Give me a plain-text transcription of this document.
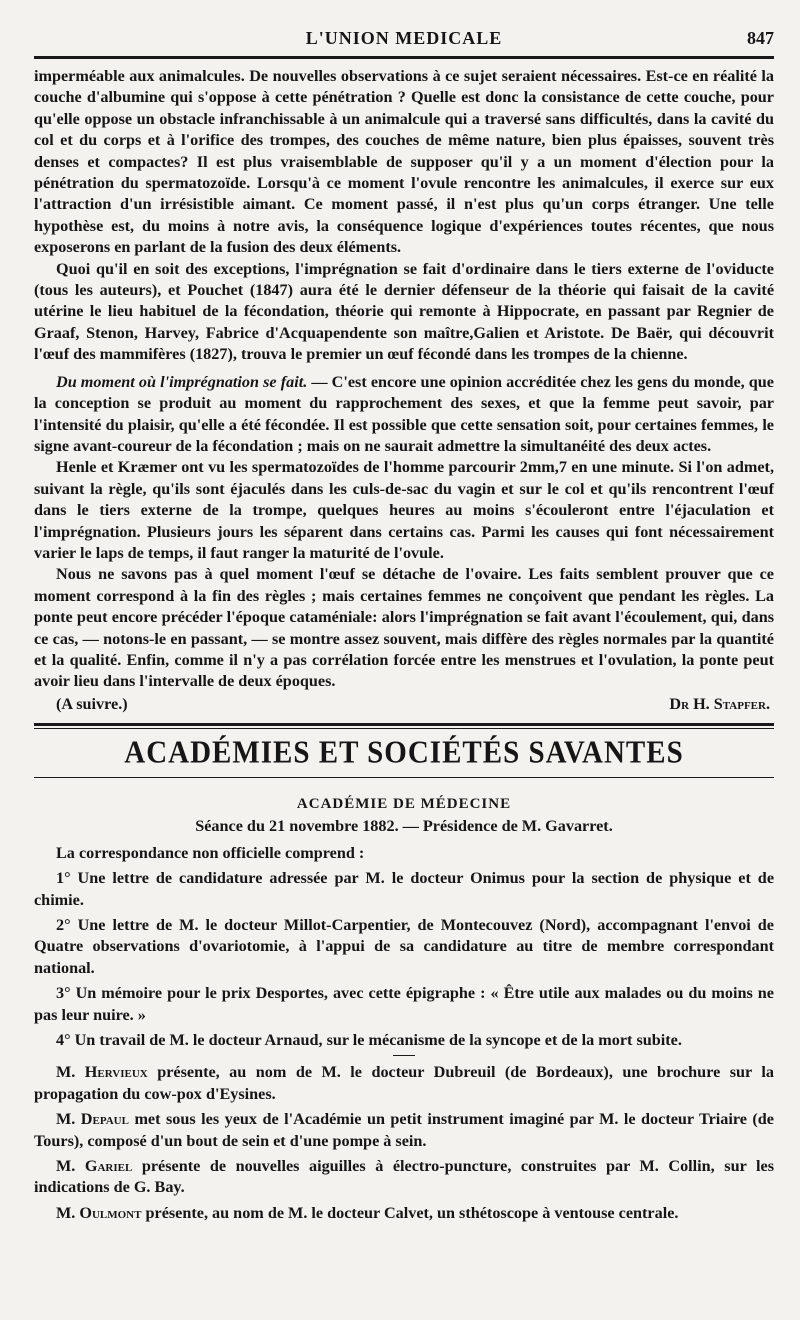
L'UNION MEDICALE	847

imperméable aux animalcules. De nouvelles observations à ce sujet seraient nécessaires. Est-ce en réalité la couche d'albumine qui s'oppose à cette pénétration ? Quelle est donc la consistance de cette couche, pour qu'elle oppose un obstacle infranchissable à un animalcule qui a traversé sans difficultés, dans la cavité du col et du corps et à l'orifice des trompes, des couches de même nature, bien plus épaisses, souvent très denses et compactes? Il est plus vraisemblable de supposer qu'il y a un moment d'élection pour la pénétration du spermatozoïde. Lorsqu'à ce moment l'ovule rencontre les animalcules, il exerce sur eux l'attraction d'un irrésistible aimant. Ce moment passé, il n'est plus qu'un corps étranger. Une telle hypothèse est, du moins à notre avis, la conséquence logique d'expériences toutes récentes, que nous exposerons en parlant de la fusion des deux éléments.

Quoi qu'il en soit des exceptions, l'imprégnation se fait d'ordinaire dans le tiers externe de l'oviducte (tous les auteurs), et Pouchet (1847) aura été le dernier défenseur de la théorie qui faisait de la cavité utérine le lieu habituel de la fécondation, théorie qui remonte à Hippocrate, en passant par Regnier de Graaf, Stenon, Harvey, Fabrice d'Acquapendente son maître,Galien et Aristote. De Baër, qui découvrit l'œuf des mammifères (1827), trouva le premier un œuf fécondé dans les trompes de la chienne.

Du moment où l'imprégnation se fait. — C'est encore une opinion accréditée chez les gens du monde, que la conception se produit au moment du rapprochement des sexes, et que la femme peut savoir, par l'intensité du plaisir, qu'elle a été fécondée. Il est possible que cette sensation soit, pour certaines femmes, le signe avant-coureur de la fécondation ; mais on ne saurait admettre la simultanéité des deux actes.

Henle et Kræmer ont vu les spermatozoïdes de l'homme parcourir 2mm,7 en une minute. Si l'on admet, suivant la règle, qu'ils sont éjaculés dans les culs-de-sac du vagin et sur le col et qu'ils rencontrent l'œuf dans le tiers externe de la trompe, quelques heures au moins s'écouleront entre l'éjaculation et l'imprégnation. Plusieurs jours les séparent dans certains cas. Parmi les causes qui font nécessairement varier le laps de temps, il faut ranger la maturité de l'ovule.

Nous ne savons pas à quel moment l'œuf se détache de l'ovaire. Les faits semblent prouver que ce moment correspond à la fin des règles ; mais certaines femmes ne conçoivent que pendant les règles. La ponte peut encore précéder l'époque cataméniale: alors l'imprégnation se fait avant l'écoulement, qui, dans ce cas, — notons-le en passant, — se montre assez souvent, mais diffère des règles normales par la quantité et la qualité. Enfin, comme il n'y a pas corrélation forcée entre les menstrues et l'ovulation, la ponte peut avoir lieu dans l'intervalle de deux époques.

(A suivre.)	Dr H. Stapfer.
ACADÉMIES ET SOCIÉTÉS SAVANTES
ACADÉMIE DE MÉDECINE
Séance du 21 novembre 1882. — Présidence de M. Gavarret.

La correspondance non officielle comprend :

1° Une lettre de candidature adressée par M. le docteur Onimus pour la section de physique et de chimie.

2° Une lettre de M. le docteur Millot-Carpentier, de Montecouvez (Nord), accompagnant l'envoi de Quatre observations d'ovariotomie, à l'appui de sa candidature au titre de membre correspondant national.

3° Un mémoire pour le prix Desportes, avec cette épigraphe : « Être utile aux malades ou du moins ne pas leur nuire. »

4° Un travail de M. le docteur Arnaud, sur le mécanisme de la syncope et de la mort subite.

M. Hervieux présente, au nom de M. le docteur Dubreuil (de Bordeaux), une brochure sur la propagation du cow-pox d'Eysines.

M. Depaul met sous les yeux de l'Académie un petit instrument imaginé par M. le docteur Triaire (de Tours), composé d'un bout de sein et d'une pompe à sein.

M. Gariel présente de nouvelles aiguilles à électro-puncture, construites par M. Collin, sur les indications de G. Bay.

M. Oulmont présente, au nom de M. le docteur Calvet, un sthétoscope à ventouse centrale.
